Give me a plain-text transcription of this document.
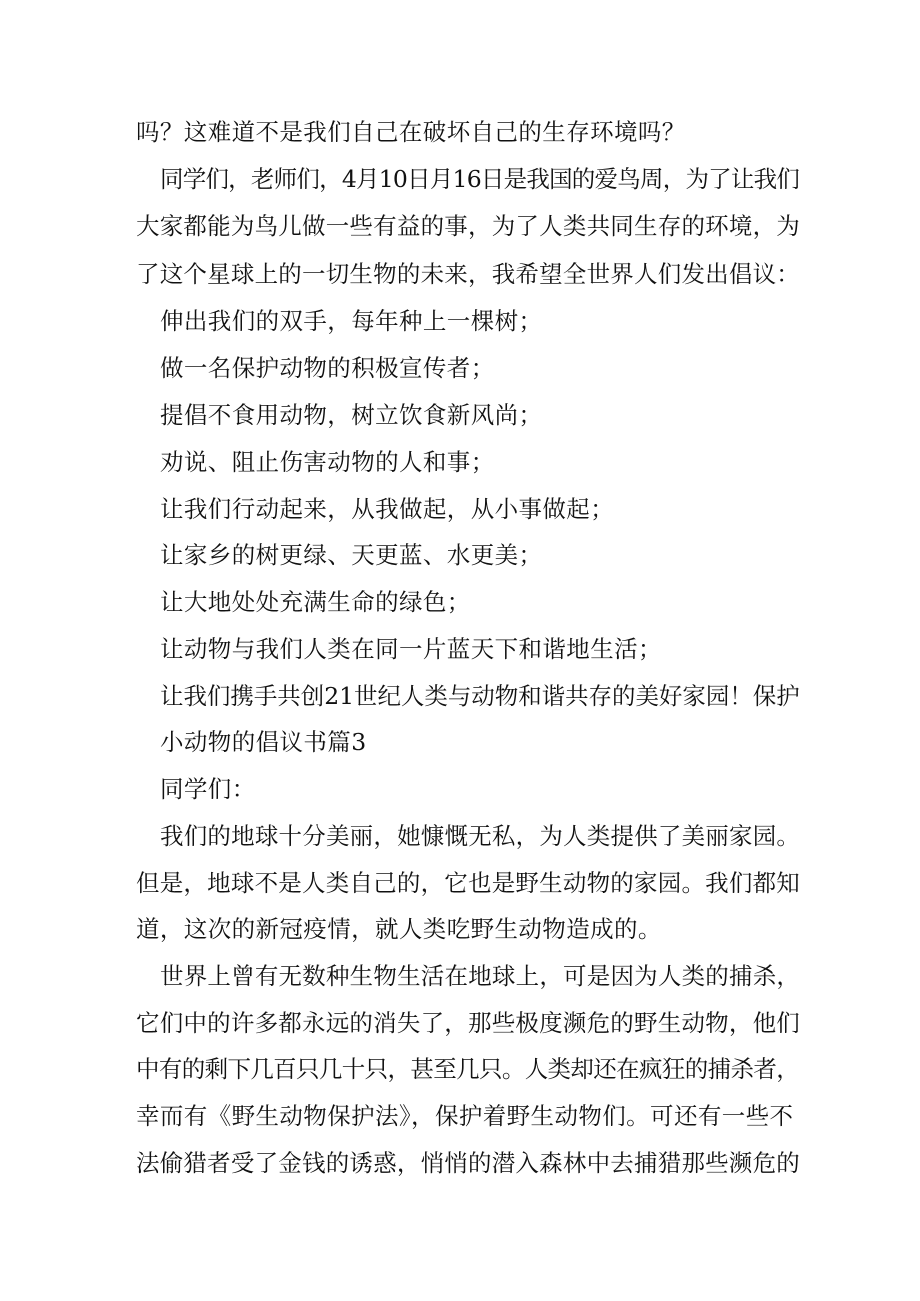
吗？这难道不是我们自己在破坏自己的生存环境吗？
同学们，老师们，4月10日月16日是我国的爱鸟周，为了让我们
大家都能为鸟儿做一些有益的事，为了人类共同生存的环境，为
了这个星球上的一切生物的未来，我希望全世界人们发出倡议：
伸出我们的双手，每年种上一棵树；
做一名保护动物的积极宣传者；
提倡不食用动物，树立饮食新风尚；
劝说、阻止伤害动物的人和事；
让我们行动起来，从我做起，从小事做起；
让家乡的树更绿、天更蓝、水更美；
让大地处处充满生命的绿色；
让动物与我们人类在同一片蓝天下和谐地生活；
让我们携手共创21世纪人类与动物和谐共存的美好家园！保护
小动物的倡议书篇3
同学们：
我们的地球十分美丽，她慷慨无私，为人类提供了美丽家园。
但是，地球不是人类自己的，它也是野生动物的家园。我们都知
道，这次的新冠疫情，就人类吃野生动物造成的。
世界上曾有无数种生物生活在地球上，可是因为人类的捕杀，
它们中的许多都永远的消失了，那些极度濒危的野生动物，他们
中有的剩下几百只几十只，甚至几只。人类却还在疯狂的捕杀者，
幸而有《野生动物保护法》，保护着野生动物们。可还有一些不
法偷猎者受了金钱的诱惑，悄悄的潜入森林中去捕猎那些濒危的
